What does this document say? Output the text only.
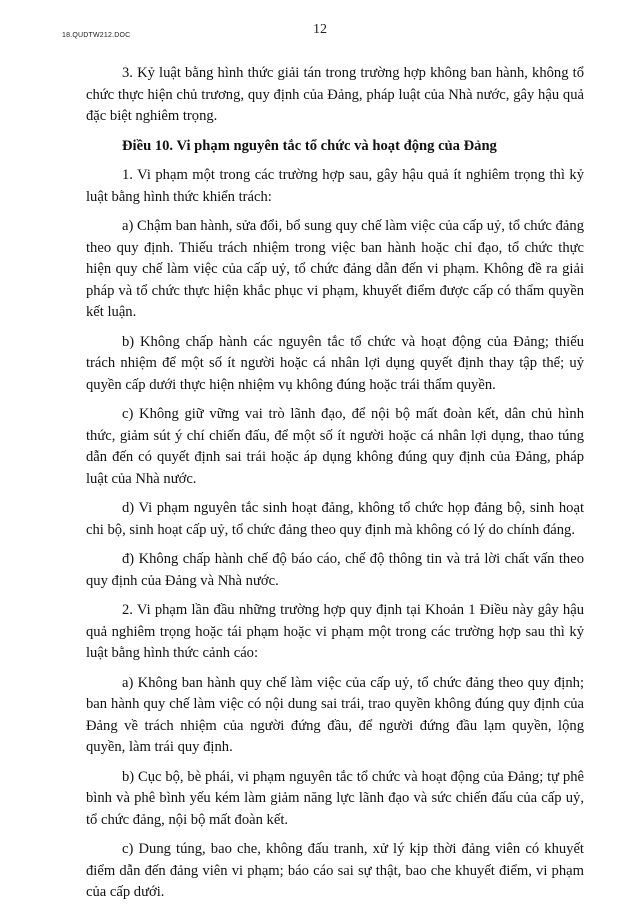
18.QUDTW212.DOC	12

3. Kỷ luật bằng hình thức giải tán trong trường hợp không ban hành, không tổ chức thực hiện chủ trương, quy định của Đảng, pháp luật của Nhà nước, gây hậu quả đặc biệt nghiêm trọng.

Điều 10. Vi phạm nguyên tắc tổ chức và hoạt động của Đảng

1. Vi phạm một trong các trường hợp sau, gây hậu quả ít nghiêm trọng thì kỷ luật bằng hình thức khiển trách:

a) Chậm ban hành, sửa đổi, bổ sung quy chế làm việc của cấp uỷ, tổ chức đảng theo quy định. Thiếu trách nhiệm trong việc ban hành hoặc chỉ đạo, tổ chức thực hiện quy chế làm việc của cấp uỷ, tổ chức đảng dẫn đến vi phạm. Không đề ra giải pháp và tổ chức thực hiện khắc phục vi phạm, khuyết điểm được cấp có thẩm quyền kết luận.

b) Không chấp hành các nguyên tắc tổ chức và hoạt động của Đảng; thiếu trách nhiệm để một số ít người hoặc cá nhân lợi dụng quyết định thay tập thể; uỷ quyền cấp dưới thực hiện nhiệm vụ không đúng hoặc trái thẩm quyền.

c) Không giữ vững vai trò lãnh đạo, để nội bộ mất đoàn kết, dân chủ hình thức, giảm sút ý chí chiến đấu, để một số ít người hoặc cá nhân lợi dụng, thao túng dẫn đến có quyết định sai trái hoặc áp dụng không đúng quy định của Đảng, pháp luật của Nhà nước.

d) Vi phạm nguyên tắc sinh hoạt đảng, không tổ chức họp đảng bộ, sinh hoạt chi bộ, sinh hoạt cấp uỷ, tổ chức đảng theo quy định mà không có lý do chính đáng.

đ) Không chấp hành chế độ báo cáo, chế độ thông tin và trả lời chất vấn theo quy định của Đảng và Nhà nước.

2. Vi phạm lần đầu những trường hợp quy định tại Khoản 1 Điều này gây hậu quả nghiêm trọng hoặc tái phạm hoặc vi phạm một trong các trường hợp sau thì kỷ luật bằng hình thức cảnh cáo:

a) Không ban hành quy chế làm việc của cấp uỷ, tổ chức đảng theo quy định; ban hành quy chế làm việc có nội dung sai trái, trao quyền không đúng quy định của Đảng về trách nhiệm của người đứng đầu, để người đứng đầu lạm quyền, lộng quyền, làm trái quy định.

b) Cục bộ, bè phái, vi phạm nguyên tắc tổ chức và hoạt động của Đảng; tự phê bình và phê bình yếu kém làm giảm năng lực lãnh đạo và sức chiến đấu của cấp uỷ, tổ chức đảng, nội bộ mất đoàn kết.

c) Dung túng, bao che, không đấu tranh, xử lý kịp thời đảng viên có khuyết điểm dẫn đến đảng viên vi phạm; báo cáo sai sự thật, bao che khuyết điểm, vi phạm của cấp dưới.
